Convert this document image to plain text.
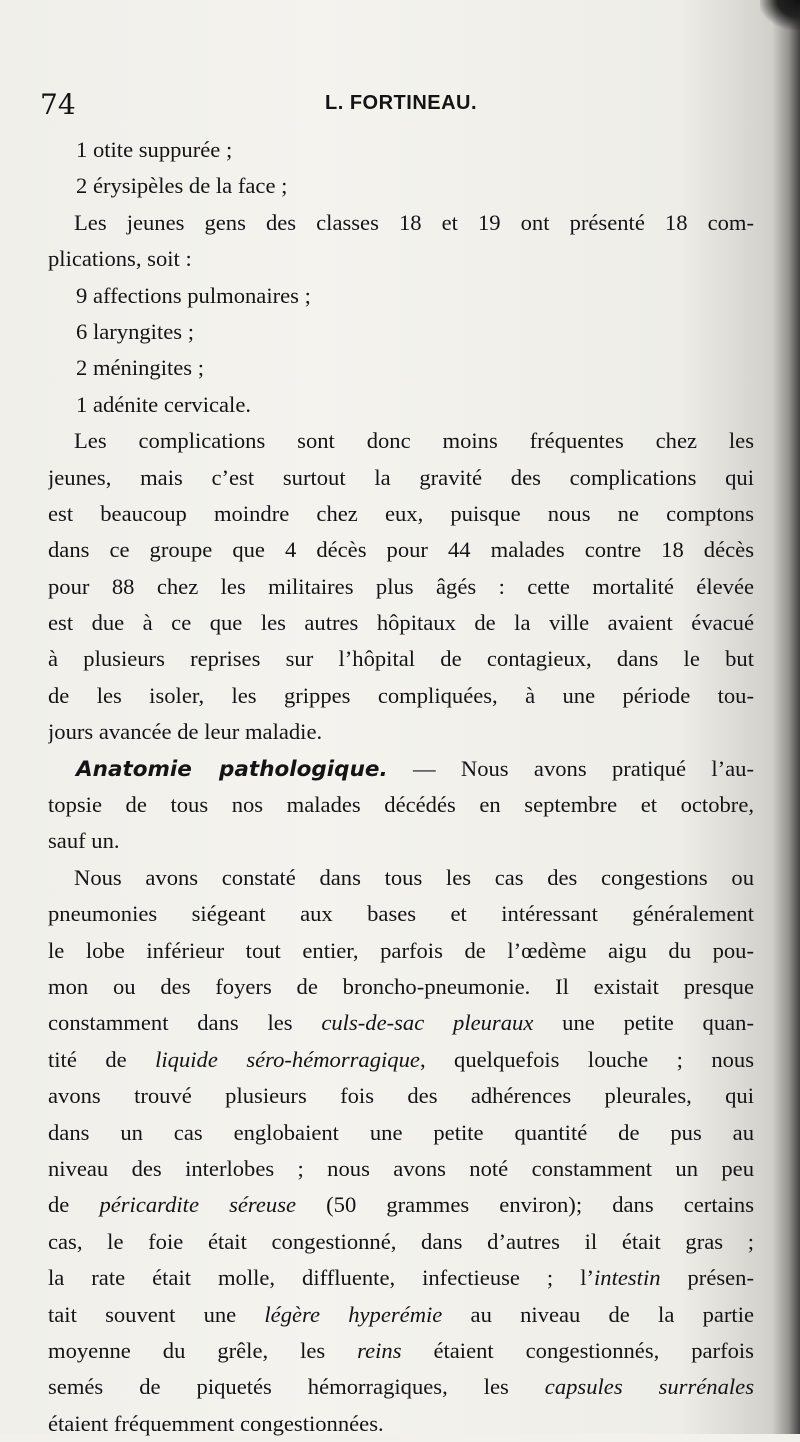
74	L. FORTINEAU.
1 otite suppurée ;
2 érysipèles de la face ;
Les jeunes gens des classes 18 et 19 ont présenté 18 com-
plications, soit :
9 affections pulmonaires ;
6 laryngites ;
2 méningites ;
1 adénite cervicale.
Les complications sont donc moins fréquentes chez les
jeunes, mais c’est surtout la gravité des complications qui
est beaucoup moindre chez eux, puisque nous ne comptons
dans ce groupe que 4 décès pour 44 malades contre 18 décès
pour 88 chez les militaires plus âgés : cette mortalité élevée
est due à ce que les autres hôpitaux de la ville avaient évacué
à plusieurs reprises sur l’hôpital de contagieux, dans le but
de les isoler, les grippes compliquées, à une période tou-
jours avancée de leur maladie.
Anatomie pathologique. — Nous avons pratiqué l’au-
topsie de tous nos malades décédés en septembre et octobre,
sauf un.
Nous avons constaté dans tous les cas des congestions ou
pneumonies siégeant aux bases et intéressant généralement
le lobe inférieur tout entier, parfois de l’œdème aigu du pou-
mon ou des foyers de broncho-pneumonie. Il existait presque
constamment dans les culs-de-sac pleuraux une petite quan-
tité de liquide séro-hémorragique, quelquefois louche ; nous
avons trouvé plusieurs fois des adhérences pleurales, qui
dans un cas englobaient une petite quantité de pus au
niveau des interlobes ; nous avons noté constamment un peu
de péricardite séreuse (50 grammes environ); dans certains
cas, le foie était congestionné, dans d’autres il était gras ;
la rate était molle, diffluente, infectieuse ; l’intestin présen-
tait souvent une légère hyperémie au niveau de la partie
moyenne du grêle, les reins étaient congestionnés, parfois
semés de piquetés hémorragiques, les capsules surrénales
étaient fréquemment congestionnées.
